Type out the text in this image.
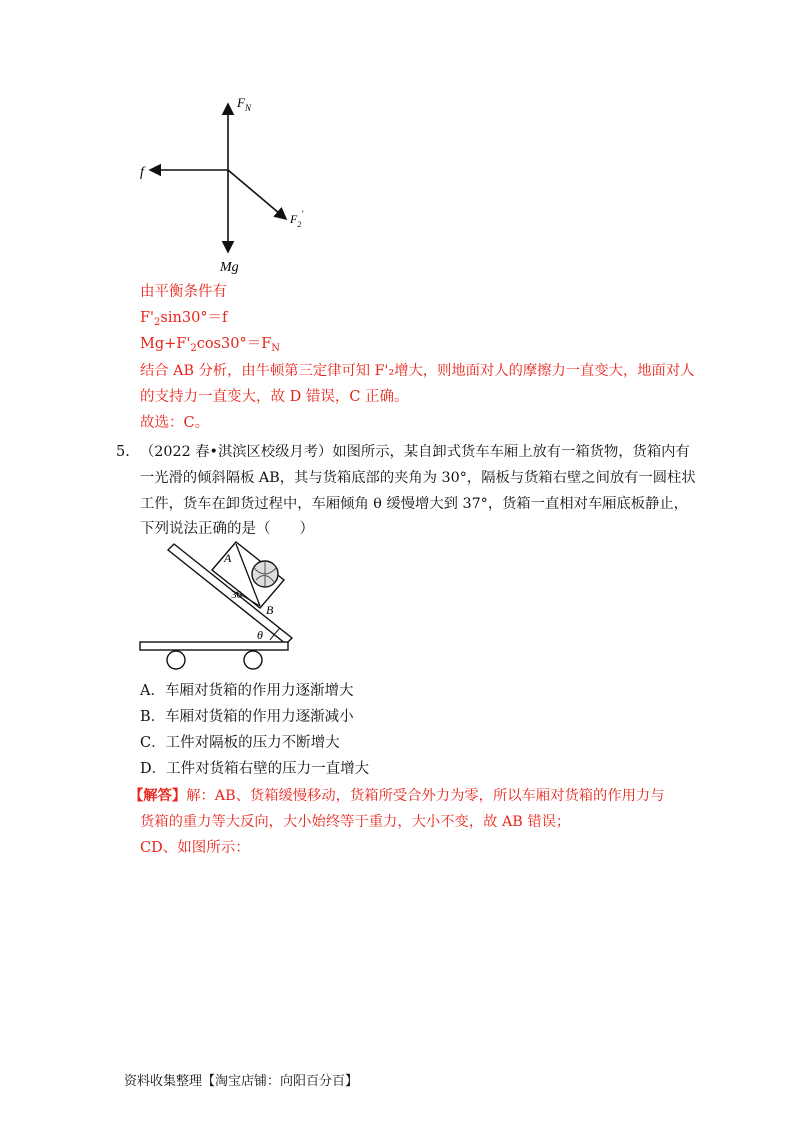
$F_N$
f
$F_2'$
Mg
由平衡条件有
$F'_2\sin 30^\circ=f$
$Mg+F'_2\cos 30^\circ=F_N$
结合 AB 分析，由牛顿第三定律可知 F'₂增大，则地面对人的摩擦力一直变大，地面对人
的支持力一直变大，故 D 错误，C 正确。
故选：C。
5. （2022 春•淇滨区校级月考）如图所示，某自卸式货车车厢上放有一箱货物，货箱内有
一光滑的倾斜隔板 AB，其与货箱底部的夹角为 30°，隔板与货箱右壁之间放有一圆柱状
工件，货车在卸货过程中，车厢倾角 θ 缓慢增大到 37°，货箱一直相对车厢底板静止，
下列说法正确的是（　　）
A
B
30
θ
A．车厢对货箱的作用力逐渐增大
B．车厢对货箱的作用力逐渐减小
C．工件对隔板的压力不断增大
D．工件对货箱右壁的压力一直增大
【解答】解：AB、货箱缓慢移动，货箱所受合外力为零，所以车厢对货箱的作用力与
货箱的重力等大反向，大小始终等于重力，大小不变，故 AB 错误；
CD、如图所示：
资料收集整理【淘宝店铺：向阳百分百】
